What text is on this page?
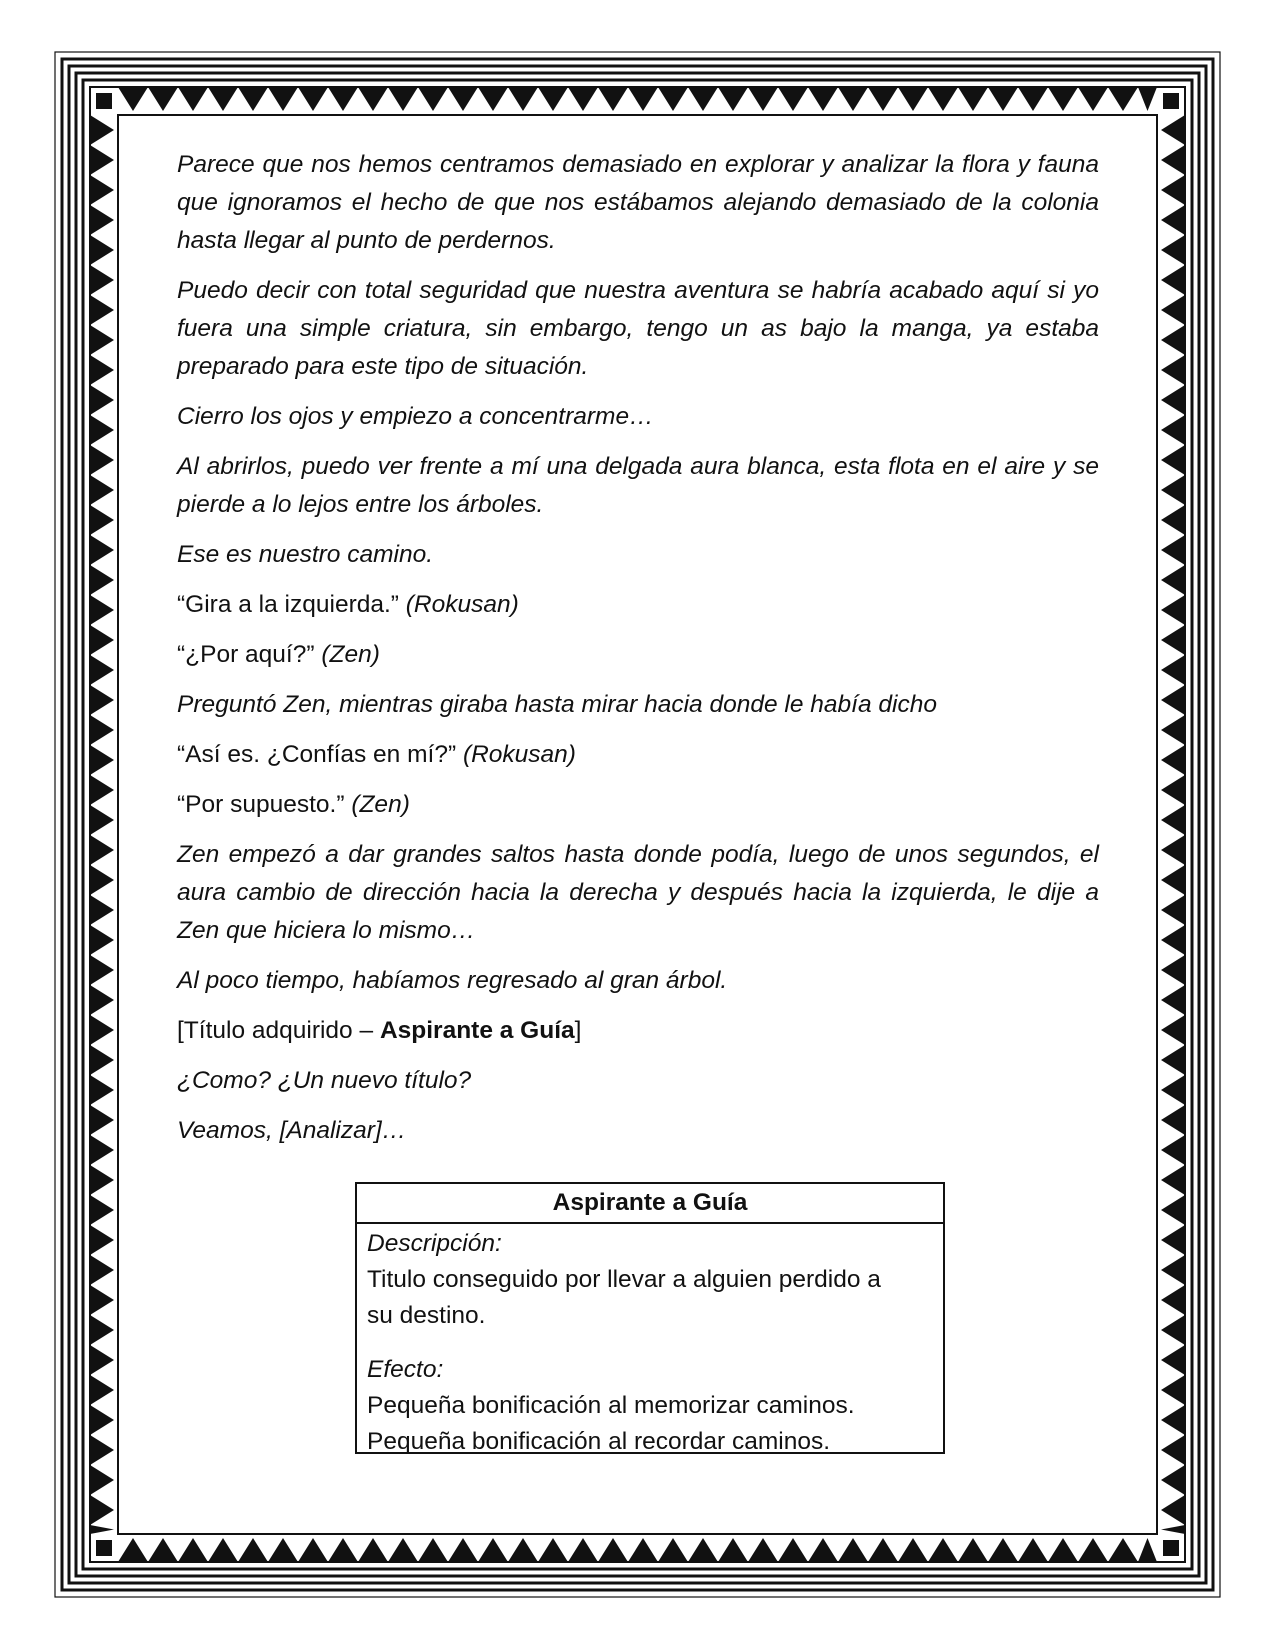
Parece que nos hemos centramos demasiado en explorar y analizar la flora y fauna que ignoramos el hecho de que nos estábamos alejando demasiado de la colonia hasta llegar al punto de perdernos.

Puedo decir con total seguridad que nuestra aventura se habría acabado aquí si yo fuera una simple criatura, sin embargo, tengo un as bajo la manga, ya estaba preparado para este tipo de situación.

Cierro los ojos y empiezo a concentrarme…

Al abrirlos, puedo ver frente a mí una delgada aura blanca, esta flota en el aire y se pierde a lo lejos entre los árboles.

Ese es nuestro camino.

“Gira a la izquierda.” (Rokusan)

“¿Por aquí?” (Zen)

Preguntó Zen, mientras giraba hasta mirar hacia donde le había dicho

“Así es. ¿Confías en mí?” (Rokusan)

“Por supuesto.” (Zen)

Zen empezó a dar grandes saltos hasta donde podía, luego de unos segundos, el aura cambio de dirección hacia la derecha y después hacia la izquierda, le dije a Zen que hiciera lo mismo…

Al poco tiempo, habíamos regresado al gran árbol.

[Título adquirido – Aspirante a Guía]

¿Como? ¿Un nuevo título?

Veamos, [Analizar]…

Aspirante a Guía
Descripción:
Titulo conseguido por llevar a alguien perdido a
su destino.
Efecto:
Pequeña bonificación al memorizar caminos.
Pequeña bonificación al recordar caminos.
